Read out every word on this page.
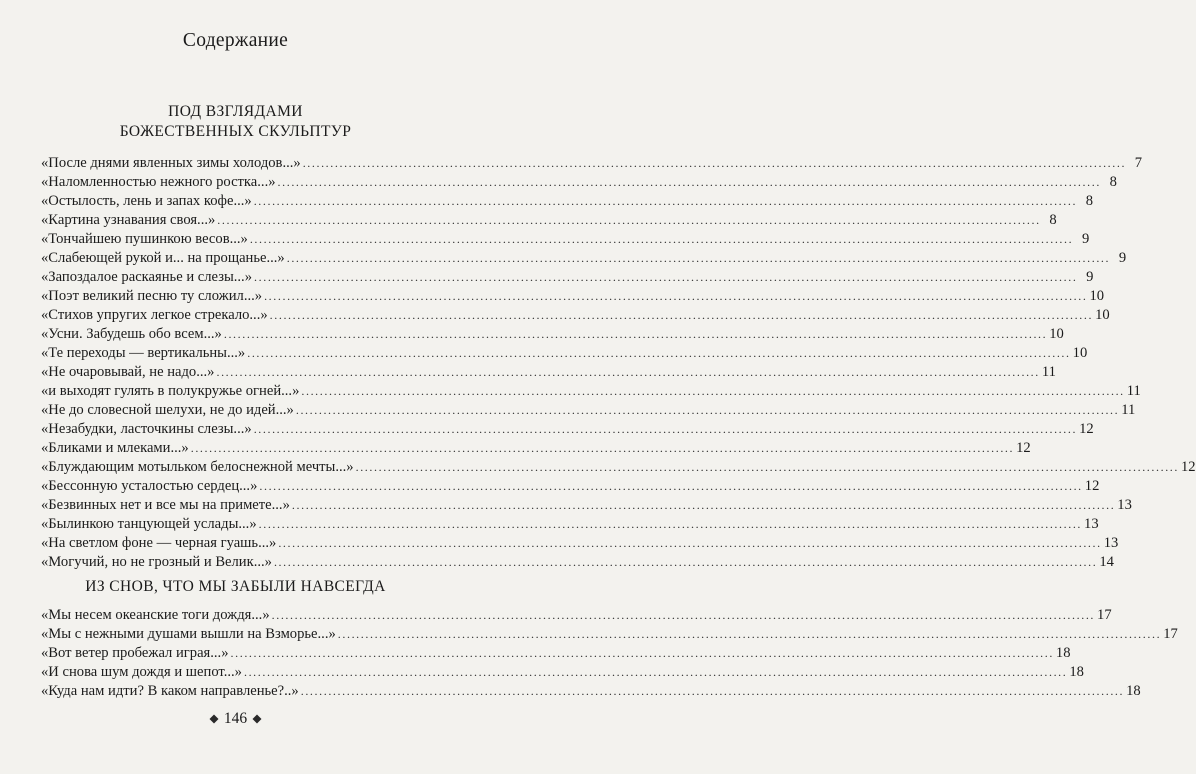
Содержание
ПОД ВЗГЛЯДАМИ
БОЖЕСТВЕННЫХ СКУЛЬПТУР
«После днями явленных зимы холодов...» .....	7
«Наломленностью нежного ростка...» .....	8
«Остылость, лень и запах кофе...» .....	8
«Картина узнавания своя...» .....	8
«Тончайшею пушинкою весов...» .....	9
«Слабеющей рукой и... на прощанье...» .....	9
«Запоздалое раскаянье и слезы...» .....	9
«Поэт великий песню ту сложил...» .....	10
«Стихов упругих легкое стрекало...» .....	10
«Усни. Забудешь обо всем...» .....	10
«Те переходы — вертикальны...» .....	10
«Не очаровывай, не надо...» .....	11
«и выходят гулять в полукружье огней...» .....	11
«Не до словесной шелухи, не до идей...» .....	11
«Незабудки, ласточкины слезы...» .....	12
«Бликами и млеками...» .....	12
«Блуждающим мотыльком белоснежной мечты...» .....	12
«Бессонную усталостью сердец...» .....	12
«Безвинных нет и все мы на примете...» .....	13
«Былинкою танцующей услады...» .....	13
«На светлом фоне — черная гуашь...» .....	13
«Могучий, но не грозный и Велик...» .....	14
ИЗ СНОВ, ЧТО МЫ ЗАБЫЛИ НАВСЕГДА
«Мы несем океанские тоги дождя...» .....	17
«Мы с нежными душами вышли на Взморье...» .....	17
«Вот ветер пробежал играя...» .....	18
«И снова шум дождя и шепот...» .....	18
«Куда нам идти? В каком направленье?..» .....	18
146
